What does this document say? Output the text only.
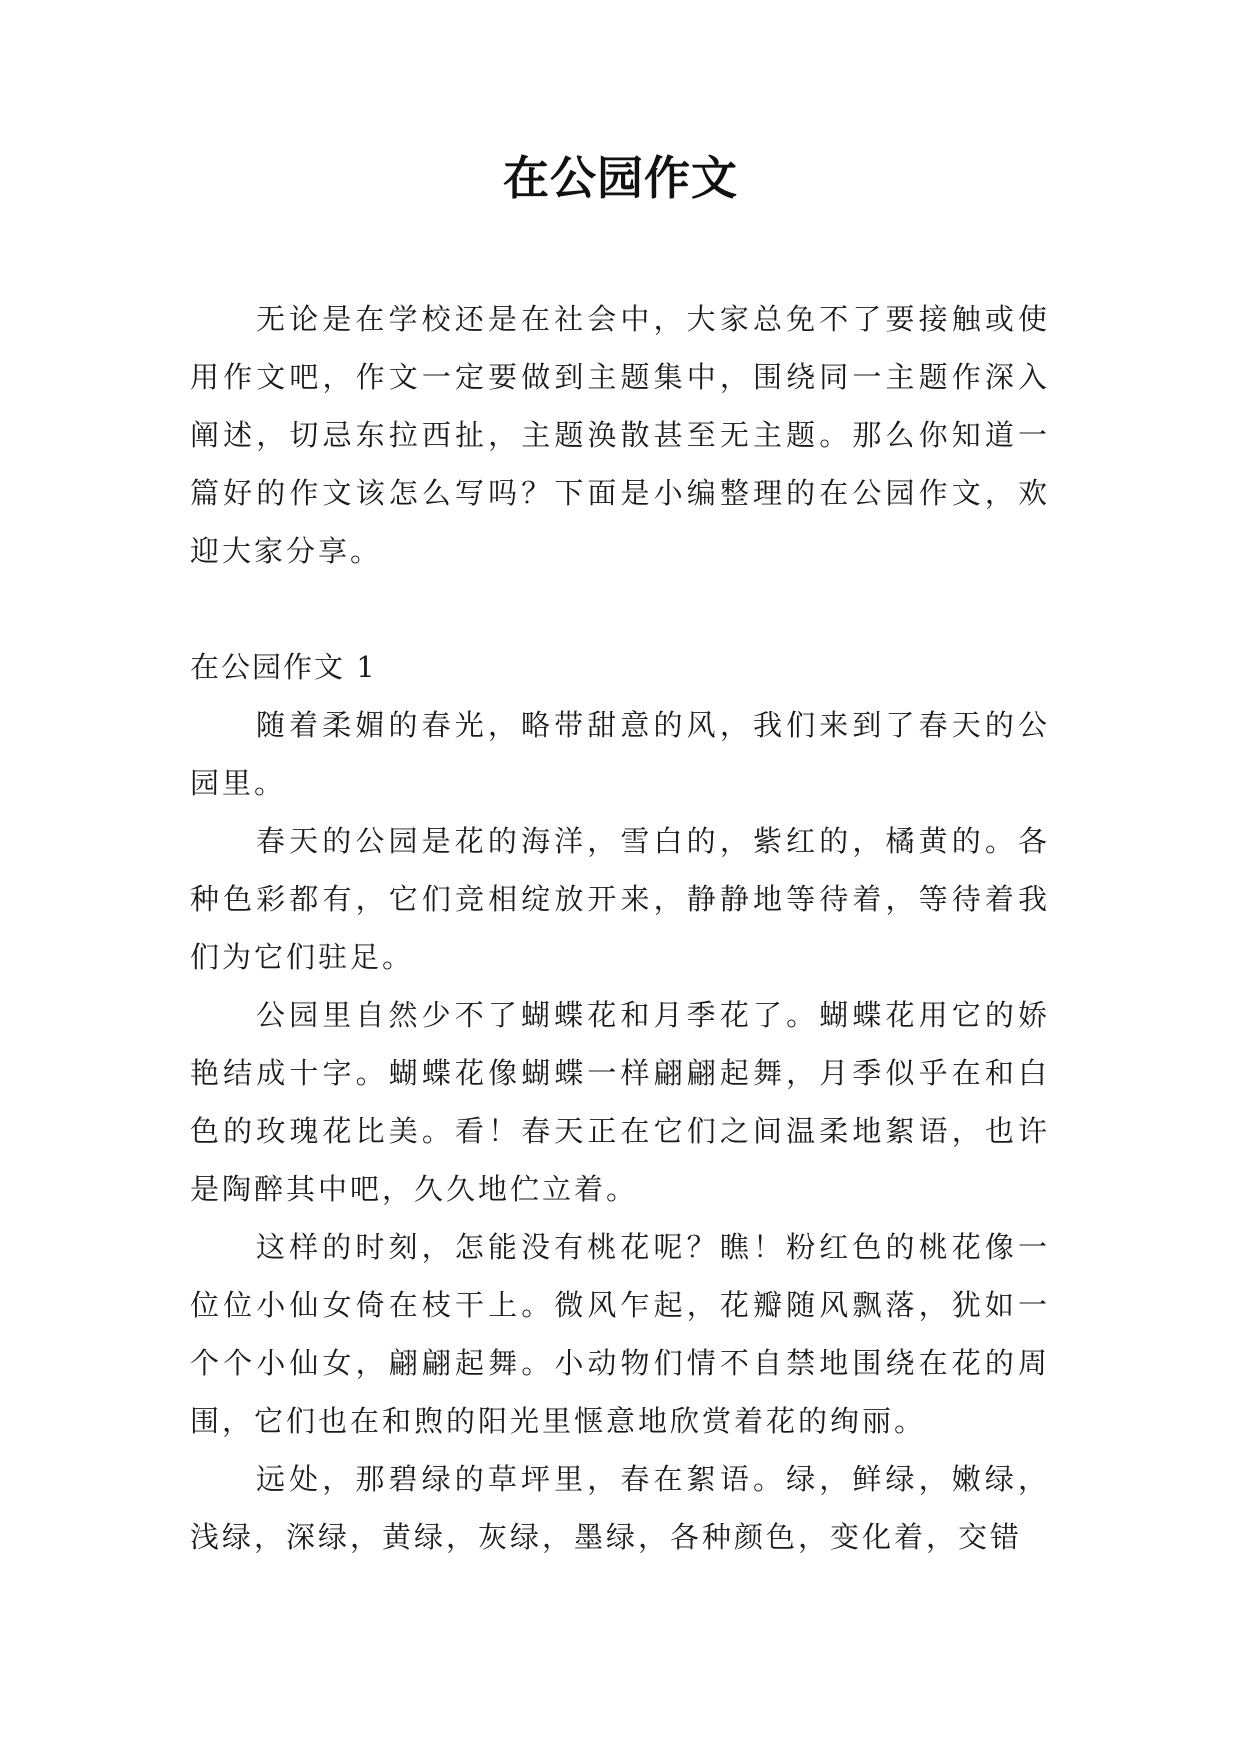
在公园作文

无论是在学校还是在社会中，大家总免不了要接触或使用作文吧，作文一定要做到主题集中，围绕同一主题作深入阐述，切忌东拉西扯，主题涣散甚至无主题。那么你知道一篇好的作文该怎么写吗？下面是小编整理的在公园作文，欢迎大家分享。

在公园作文 1

随着柔媚的春光，略带甜意的风，我们来到了春天的公园里。

春天的公园是花的海洋，雪白的，紫红的，橘黄的。各种色彩都有，它们竞相绽放开来，静静地等待着，等待着我们为它们驻足。

公园里自然少不了蝴蝶花和月季花了。蝴蝶花用它的娇艳结成十字。蝴蝶花像蝴蝶一样翩翩起舞，月季似乎在和白色的玫瑰花比美。看！春天正在它们之间温柔地絮语，也许是陶醉其中吧，久久地伫立着。

这样的时刻，怎能没有桃花呢？瞧！粉红色的桃花像一位位小仙女倚在枝干上。微风乍起，花瓣随风飘落，犹如一个个小仙女，翩翩起舞。小动物们情不自禁地围绕在花的周围，它们也在和煦的阳光里惬意地欣赏着花的绚丽。

远处，那碧绿的草坪里，春在絮语。绿，鲜绿，嫩绿，浅绿，深绿，黄绿，灰绿，墨绿，各种颜色，变化着，交错
